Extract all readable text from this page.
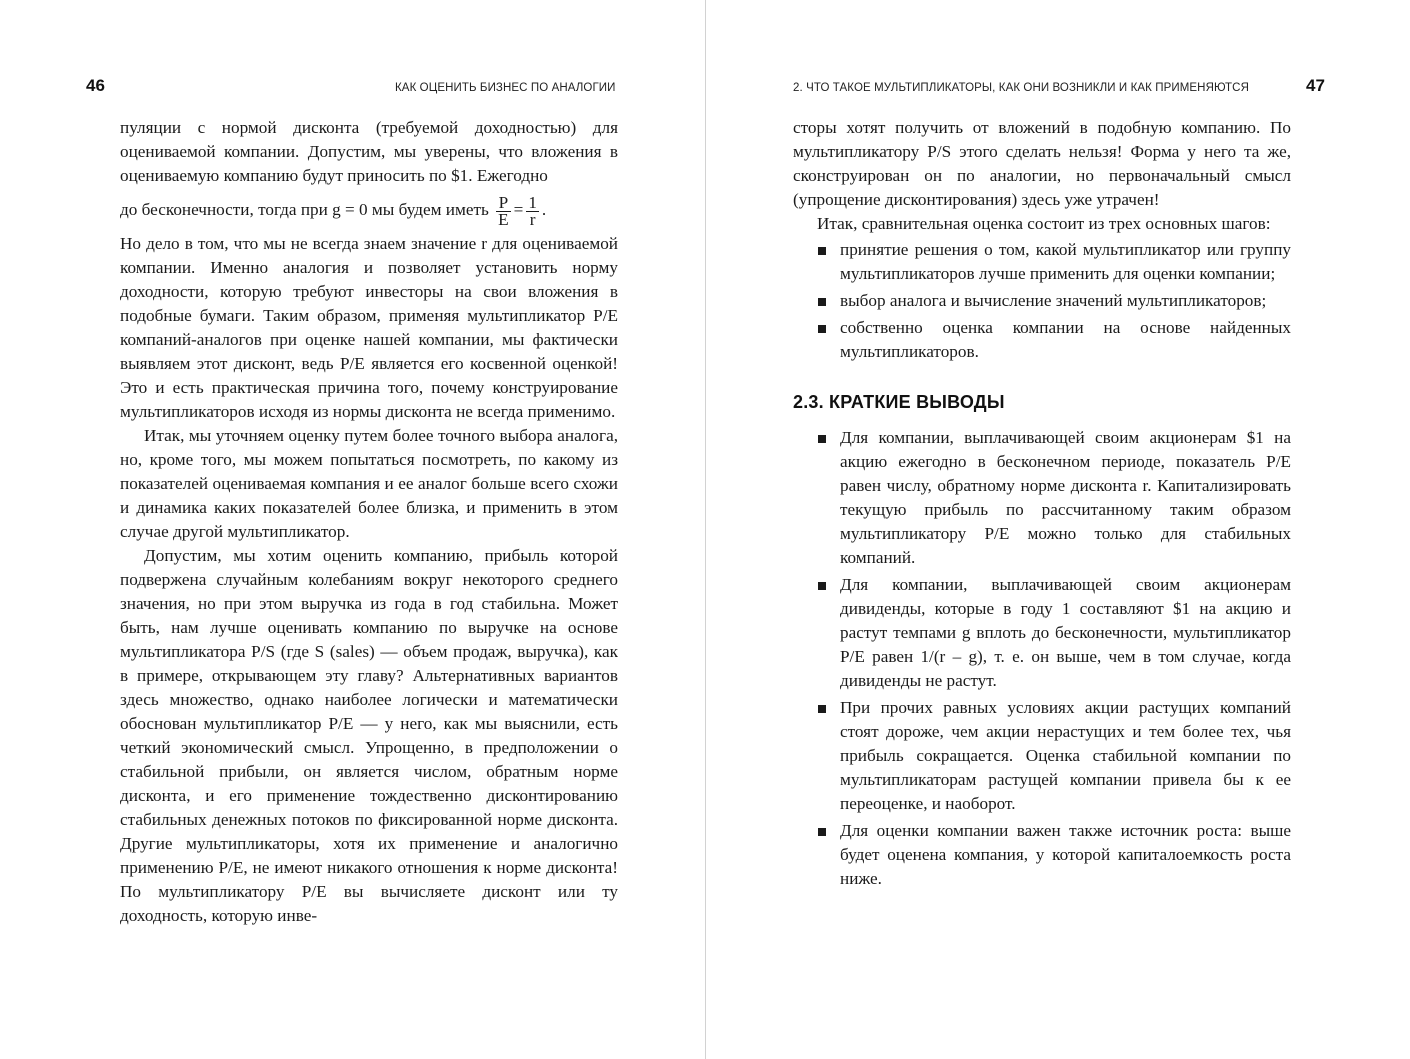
46	КАК ОЦЕНИТЬ БИЗНЕС ПО АНАЛОГИИ

пуляции с нормой дисконта (требуемой доходностью) для оцениваемой компании. Допустим, мы уверены, что вложения в оцениваемую компанию будут приносить по $1. Ежегодно

до бесконечности, тогда при g = 0 мы будем иметь $\frac{P}{E} = \frac{1}{r}$ .

Но дело в том, что мы не всегда знаем значение r для оцениваемой компании. Именно аналогия и позволяет установить норму доходности, которую требуют инвесторы на свои вложения в подобные бумаги. Таким образом, применяя мультипликатор P/E компаний-аналогов при оценке нашей компании, мы фактически выявляем этот дисконт, ведь P/E является его косвенной оценкой! Это и есть практическая причина того, почему конструирование мультипликаторов исходя из нормы дисконта не всегда применимо.

Итак, мы уточняем оценку путем более точного выбора аналога, но, кроме того, мы можем попытаться посмотреть, по какому из показателей оцениваемая компания и ее аналог больше всего схожи и динамика каких показателей более близка, и применить в этом случае другой мультипликатор.

Допустим, мы хотим оценить компанию, прибыль которой подвержена случайным колебаниям вокруг некоторого среднего значения, но при этом выручка из года в год стабильна. Может быть, нам лучше оценивать компанию по выручке на основе мультипликатора P/S (где S (sales) — объем продаж, выручка), как в примере, открывающем эту главу? Альтернативных вариантов здесь множество, однако наиболее логически и математически обоснован мультипликатор P/E — у него, как мы выяснили, есть четкий экономический смысл. Упрощенно, в предположении о стабильной прибыли, он является числом, обратным норме дисконта, и его применение тождественно дисконтированию стабильных денежных потоков по фиксированной норме дисконта. Другие мультипликаторы, хотя их применение и аналогично применению P/E, не имеют никакого отношения к норме дисконта! По мультипликатору P/E вы вычисляете дисконт или ту доходность, которую инве-

2. ЧТО ТАКОЕ МУЛЬТИПЛИКАТОРЫ, КАК ОНИ ВОЗНИКЛИ И КАК ПРИМЕНЯЮТСЯ	47

сторы хотят получить от вложений в подобную компанию. По мультипликатору P/S этого сделать нельзя! Форма у него та же, сконструирован он по аналогии, но первоначальный смысл (упрощение дисконтирования) здесь уже утрачен!

Итак, сравнительная оценка состоит из трех основных шагов:

принятие решения о том, какой мультипликатор или группу мультипликаторов лучше применить для оценки компании;
выбор аналога и вычисление значений мультипликаторов;
собственно оценка компании на основе найденных мультипликаторов.
2.3. КРАТКИЕ ВЫВОДЫ
Для компании, выплачивающей своим акционерам $1 на акцию ежегодно в бесконечном периоде, показатель P/E равен числу, обратному норме дисконта r. Капитализировать текущую прибыль по рассчитанному таким образом мультипликатору P/E можно только для стабильных компаний.
Для компании, выплачивающей своим акционерам дивиденды, которые в году 1 составляют $1 на акцию и растут темпами g вплоть до бесконечности, мультипликатор P/E равен 1/(r – g), т. е. он выше, чем в том случае, когда дивиденды не растут.
При прочих равных условиях акции растущих компаний стоят дороже, чем акции нерастущих и тем более тех, чья прибыль сокращается. Оценка стабильной компании по мультипликаторам растущей компании привела бы к ее переоценке, и наоборот.
Для оценки компании важен также источник роста: выше будет оценена компания, у которой капиталоемкость роста ниже.
